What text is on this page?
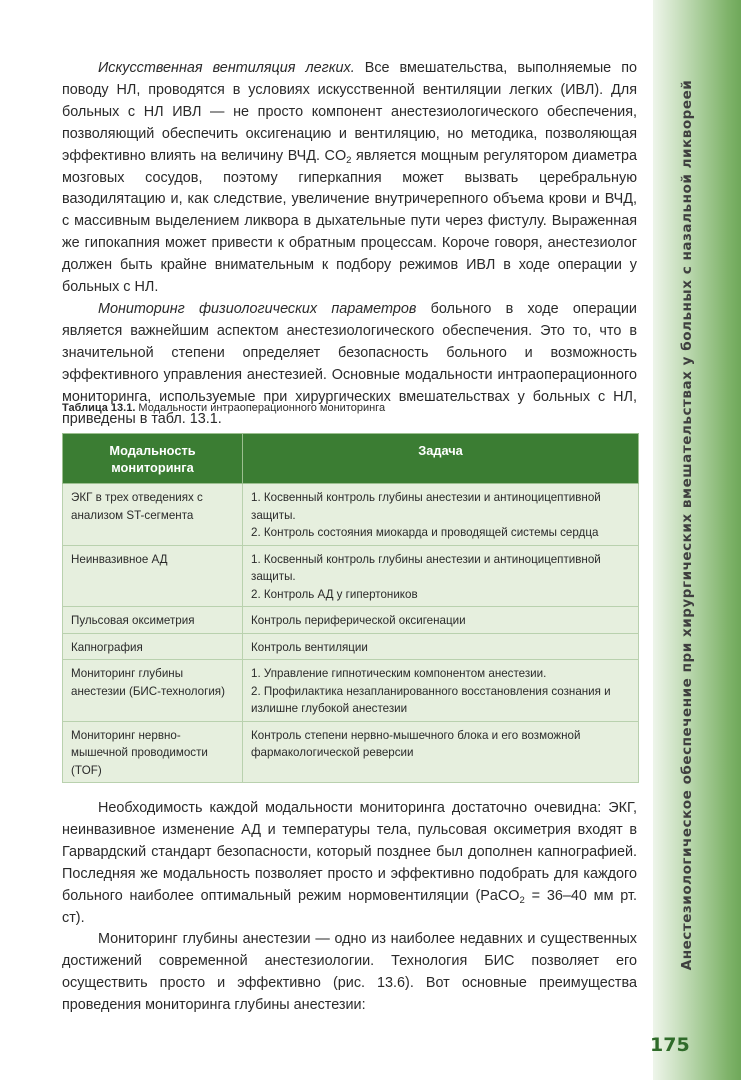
Анестезиологическое обеспечение при хирургических вмешательствах у больных с назальной ликвореей

Искусственная вентиляция легких. Все вмешательства, выполняемые по поводу НЛ, проводятся в условиях искусственной вентиляции легких (ИВЛ). Для больных с НЛ ИВЛ — не просто компонент анестезиологического обеспечения, позволяющий обеспечить оксигенацию и вентиляцию, но методика, позволяющая эффективно влиять на величину ВЧД. $CO_2$ является мощным регулятором диаметра мозговых сосудов, поэтому гиперкапния может вызвать церебральную вазодилятацию и, как следствие, увеличение внутричерепного объема крови и ВЧД, с массивным выделением ликвора в дыхательные пути через фистулу. Выраженная же гипокапния может привести к обратным процессам. Короче говоря, анестезиолог должен быть крайне внимательным к подбору режимов ИВЛ в ходе операции у больных с НЛ.

Мониторинг физиологических параметров больного в ходе операции является важнейшим аспектом анестезиологического обеспечения. Это то, что в значительной степени определяет безопасность больного и возможность эффективного управления анестезией. Основные модальности интраоперационного мониторинга, используемые при хирургических вмешательствах у больных с НЛ, приведены в табл. 13.1.

Таблица 13.1. Модальности интраоперационного мониторинга
Модальность мониторинга	Задача
ЭКГ в трех отведениях с анализом ST-сегмента	1. Косвенный контроль глубины анестезии и антиноцицептивной защиты.
2. Контроль состояния миокарда и проводящей системы сердца

Неинвазивное АД	1. Косвенный контроль глубины анестезии и антиноцицептивной защиты.
2. Контроль АД у гипертоников

Пульсовая оксиметрия	Контроль периферической оксигенации

Капнография	Контроль вентиляции

Мониторинг глубины анестезии (БИС-технология)	1. Управление гипнотическим компонентом анестезии.
2. Профилактика незапланированного восстановления сознания и излишне глубокой анестезии

Мониторинг нервно-мышечной проводимости (TOF)	Контроль степени нервно-мышечного блока и его возможной фармакологической реверсии

Необходимость каждой модальности мониторинга достаточно очевидна: ЭКГ, неинвазивное изменение АД и температуры тела, пульсовая оксиметрия входят в Гарвардский стандарт безопасности, который позднее был дополнен капнографией. Последняя же модальность позволяет просто и эффективно подобрать для каждого больного наиболее оптимальный режим нормовентиляции (PaCO$_2$ = 36–40 мм рт. ст).

Мониторинг глубины анестезии — одно из наиболее недавних и существенных достижений современной анестезиологии. Технология БИС позволяет его осуществить просто и эффективно (рис. 13.6). Вот основные преимущества проведения мониторинга глубины анестезии:

175
